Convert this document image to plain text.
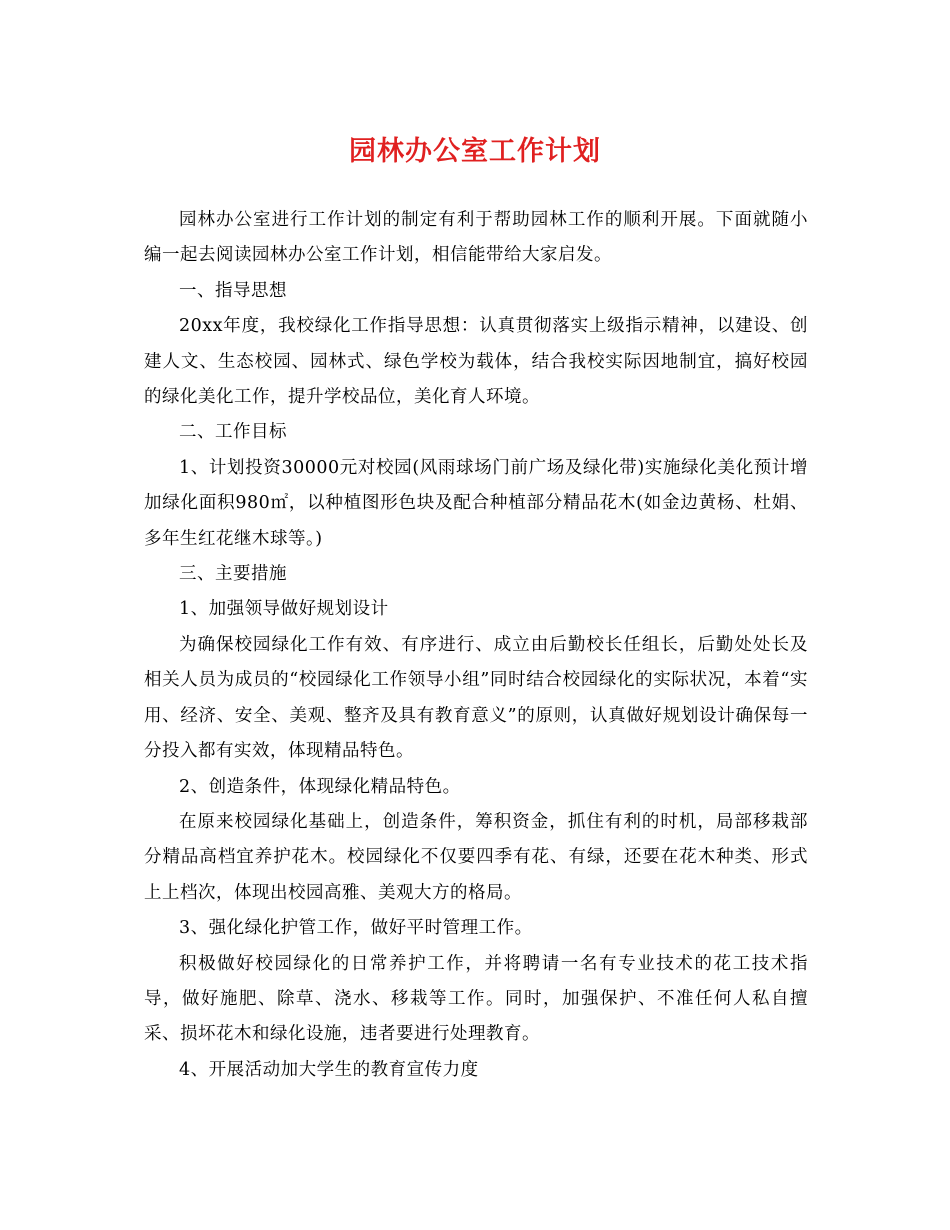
园林办公室工作计划

园林办公室进行工作计划的制定有利于帮助园林工作的顺利开展。下面就随小编一起去阅读园林办公室工作计划，相信能带给大家启发。

一、指导思想

20xx年度，我校绿化工作指导思想：认真贯彻落实上级指示精神，以建设、创建人文、生态校园、园林式、绿色学校为载体，结合我校实际因地制宜，搞好校园的绿化美化工作，提升学校品位，美化育人环境。

二、工作目标

1、计划投资30000元对校园(风雨球场门前广场及绿化带)实施绿化美化预计增加绿化面积980㎡，以种植图形色块及配合种植部分精品花木(如金边黄杨、杜娟、多年生红花继木球等。)

三、主要措施

1、加强领导做好规划设计

为确保校园绿化工作有效、有序进行、成立由后勤校长任组长，后勤处处长及相关人员为成员的“校园绿化工作领导小组”同时结合校园绿化的实际状况，本着“实用、经济、安全、美观、整齐及具有教育意义”的原则，认真做好规划设计确保每一分投入都有实效，体现精品特色。

2、创造条件，体现绿化精品特色。

在原来校园绿化基础上，创造条件，筹积资金，抓住有利的时机，局部移栽部分精品高档宜养护花木。校园绿化不仅要四季有花、有绿，还要在花木种类、形式上上档次，体现出校园高雅、美观大方的格局。

3、强化绿化护管工作，做好平时管理工作。

积极做好校园绿化的日常养护工作，并将聘请一名有专业技术的花工技术指导，做好施肥、除草、浇水、移栽等工作。同时，加强保护、不准任何人私自擅采、损坏花木和绿化设施，违者要进行处理教育。

4、开展活动加大学生的教育宣传力度
